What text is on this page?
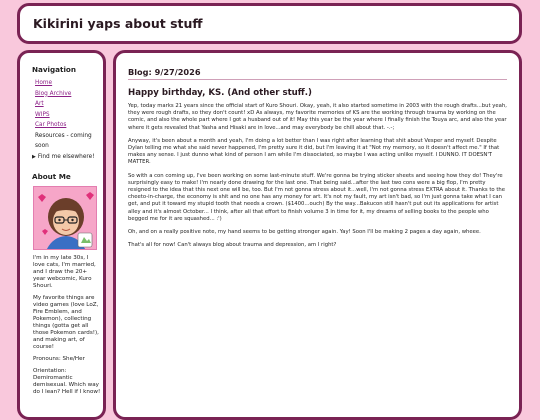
Kikirini yaps about stuff
Navigation
Home
Blog Archive
Art
WIPS
Car Photos
Resources - coming soon
▶ Find me elsewhere!
About Me

I'm in my late 30s, I love cats, I'm married, and I draw the 20+ year webcomic, Kuro Shouri.

My favorite things are video games (love LoZ, Fire Emblem, and Pokemon), collecting things (gotta get all those Pokemon cards!), and making art, of course!

Pronouns: She/Her

Orientation: Demiromantic demisexual. Which way do I lean? Hell if I know!

Blog: 9/27/2026
Happy birthday, KS. (And other stuff.)

Yep, today marks 21 years since the official start of Kuro Shouri. Okay, yeah, it also started sometime in 2003 with the rough drafts...but yeah, they were rough drafts, so they don't count! xD As always, my favorite memories of KS are the working through trauma by working on the comic, and also the whole part where I got a husband out of it! May this year be the year where I finally finish the Touya arc, and also the year where it gets revealed that Yasha and Hisaki are in love...and may everybody be chill about that. -.-;

Anyway, it's been about a month and yeah, I'm doing a lot better than I was right after learning that shit about Vesper and myself. Despite Dylan telling me what she said never happened, I'm pretty sure it did, but I'm leaving it at "Not my memory, so it doesn't affect me." If that makes any sense. I just dunno what kind of person I am while I'm dissociated, so maybe I was acting unlike myself. I DUNNO. IT DOESN'T MATTER.

So with a con coming up, I've been working on some last-minute stuff. We're gonna be trying sticker sheets and seeing how they do! They're surprisingly easy to make! I'm nearly done drawing for the last one. That being said...after the last two cons were a big flop, I'm pretty resigned to the idea that this next one will be, too. But I'm not gonna stress about it...well, I'm not gonna stress EXTRA about it. Thanks to the cheeto-in-charge, the economy is shit and no one has any money for art. It's not my fault, my art isn't bad, so I'm just gonna take what I can get, and put it toward my stupid tooth that needs a crown. ($1400...ouch) By the way...Bakucon still hasn't put out its applications for artist alley and it's almost October... I think, after all that effort to finish volume 3 in time for it, my dreams of selling books to the people who begged me for it are squashed... :')

Oh, and on a really positive note, my hand seems to be getting stronger again. Yay! Soon I'll be making 2 pages a day again, wheee.

That's all for now! Can't always blog about trauma and depression, am I right?
